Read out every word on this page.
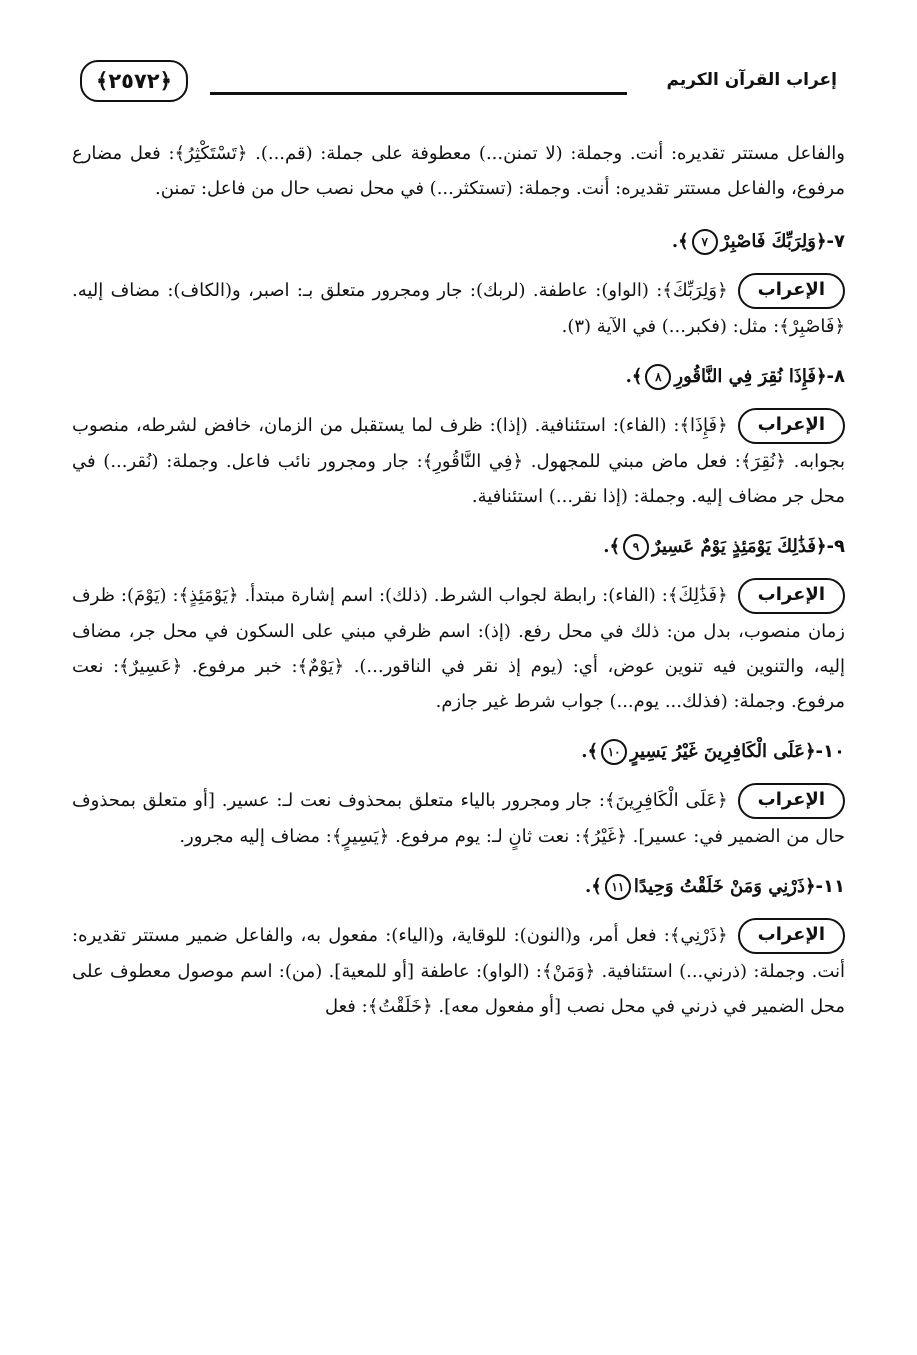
إعراب القرآن الكريم
﴿٢٥٧٢﴾

والفاعل مستتر تقديره: أنت. وجملة: (لا تمنن...) معطوفة على جملة: (قم...). ﴿تَسْتَكْثِرُ﴾: فعل مضارع مرفوع، والفاعل مستتر تقديره: أنت. وجملة: (تستكثر...) في محل نصب حال من فاعل: تمنن.

٧-﴿وَلِرَبِّكَ فَاصْبِرْ٧﴾.
الإعراب﴿وَلِرَبِّكَ﴾: (الواو): عاطفة. (لربك): جار ومجرور متعلق بـ: اصبر، و(الكاف): مضاف إليه. ﴿فَاصْبِرْ﴾: مثل: (فكبر...) في الآية (٣).
٨-﴿فَإِذَا نُقِرَ فِي النَّاقُورِ٨﴾.
الإعراب﴿فَإِذَا﴾: (الفاء): استئنافية. (إذا): ظرف لما يستقبل من الزمان، خافض لشرطه، منصوب بجوابه. ﴿نُقِرَ﴾: فعل ماض مبني للمجهول. ﴿فِي النَّاقُورِ﴾: جار ومجرور نائب فاعل. وجملة: (نُقر...) في محل جر مضاف إليه. وجملة: (إذا نقر...) استئنافية.
٩-﴿فَذَٰلِكَ يَوْمَئِذٍ يَوْمٌ عَسِيرٌ٩﴾.
الإعراب﴿فَذَٰلِكَ﴾: (الفاء): رابطة لجواب الشرط. (ذلك): اسم إشارة مبتدأ. ﴿يَوْمَئِذٍ﴾: (يَوْمَ): ظرف زمان منصوب، بدل من: ذلك في محل رفع. (إذ): اسم ظرفي مبني على السكون في محل جر، مضاف إليه، والتنوين فيه تنوين عوض، أي: (يوم إذ نقر في الناقور...). ﴿يَوْمٌ﴾: خبر مرفوع. ﴿عَسِيرٌ﴾: نعت مرفوع. وجملة: (فذلك... يوم...) جواب شرط غير جازم.
١٠-﴿عَلَى الْكَافِرِينَ غَيْرُ يَسِيرٍ١٠﴾.
الإعراب﴿عَلَى الْكَافِرِينَ﴾: جار ومجرور بالياء متعلق بمحذوف نعت لـ: عسير. [أو متعلق بمحذوف حال من الضمير في: عسير]. ﴿غَيْرُ﴾: نعت ثانٍ لـ: يوم مرفوع. ﴿يَسِيرٍ﴾: مضاف إليه مجرور.
١١-﴿ذَرْنِي وَمَنْ خَلَقْتُ وَحِيدًا١١﴾.
الإعراب﴿ذَرْنِي﴾: فعل أمر، و(النون): للوقاية، و(الياء): مفعول به، والفاعل ضمير مستتر تقديره: أنت. وجملة: (ذرني...) استئنافية. ﴿وَمَنْ﴾: (الواو): عاطفة [أو للمعية]. (من): اسم موصول معطوف على محل الضمير في ذرني في محل نصب [أو مفعول معه]. ﴿خَلَقْتُ﴾: فعل
